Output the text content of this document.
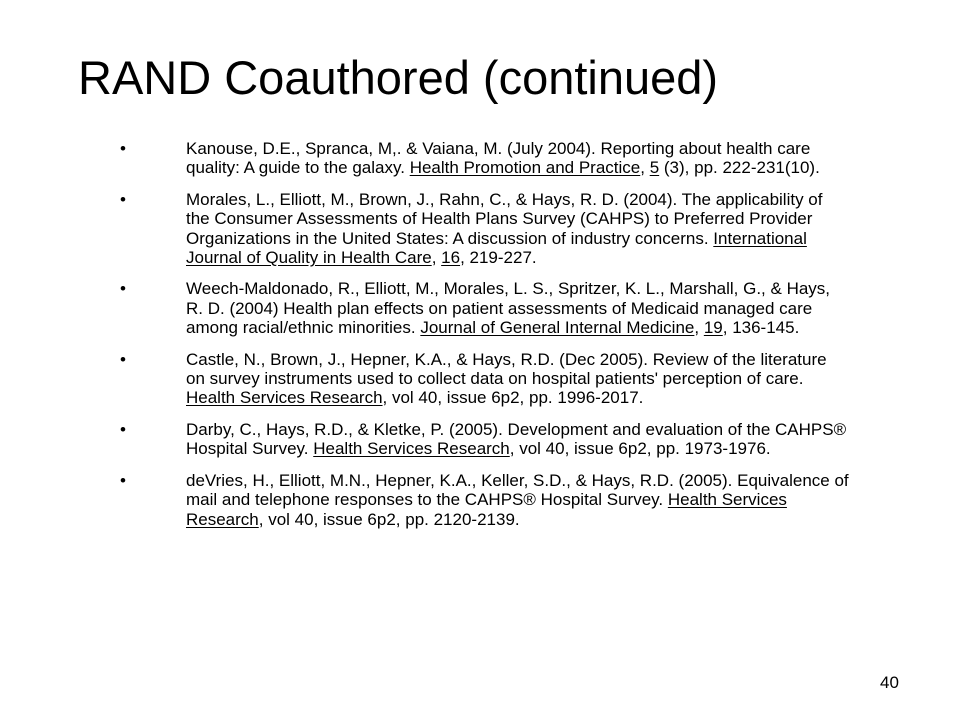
RAND Coauthored (continued)
•	Kanouse, D.E., Spranca, M,. & Vaiana, M. (July 2004). Reporting about health care quality: A guide to the galaxy. Health Promotion and Practice, 5 (3), pp. 222-231(10).
•	Morales, L., Elliott, M., Brown, J., Rahn, C., & Hays, R. D. (2004). The applicability of the Consumer Assessments of Health Plans Survey (CAHPS) to Preferred Provider Organizations in the United States: A discussion of industry concerns. International Journal of Quality in Health Care, 16, 219-227.
•	Weech-Maldonado, R., Elliott, M., Morales, L. S., Spritzer, K. L., Marshall, G., & Hays, R. D. (2004) Health plan effects on patient assessments of Medicaid managed care among racial/ethnic minorities. Journal of General Internal Medicine, 19, 136-145.
•	Castle, N., Brown, J., Hepner, K.A., & Hays, R.D. (Dec 2005). Review of the literature on survey instruments used to collect data on hospital patients' perception of care. Health Services Research, vol 40, issue 6p2, pp. 1996-2017.
•	Darby, C., Hays, R.D., & Kletke, P. (2005). Development and evaluation of the CAHPS® Hospital Survey. Health Services Research, vol 40, issue 6p2, pp. 1973-1976.
•	deVries, H., Elliott, M.N., Hepner, K.A., Keller, S.D., & Hays, R.D. (2005). Equivalence of mail and telephone responses to the CAHPS® Hospital Survey. Health Services Research, vol 40, issue 6p2, pp. 2120-2139.
40
